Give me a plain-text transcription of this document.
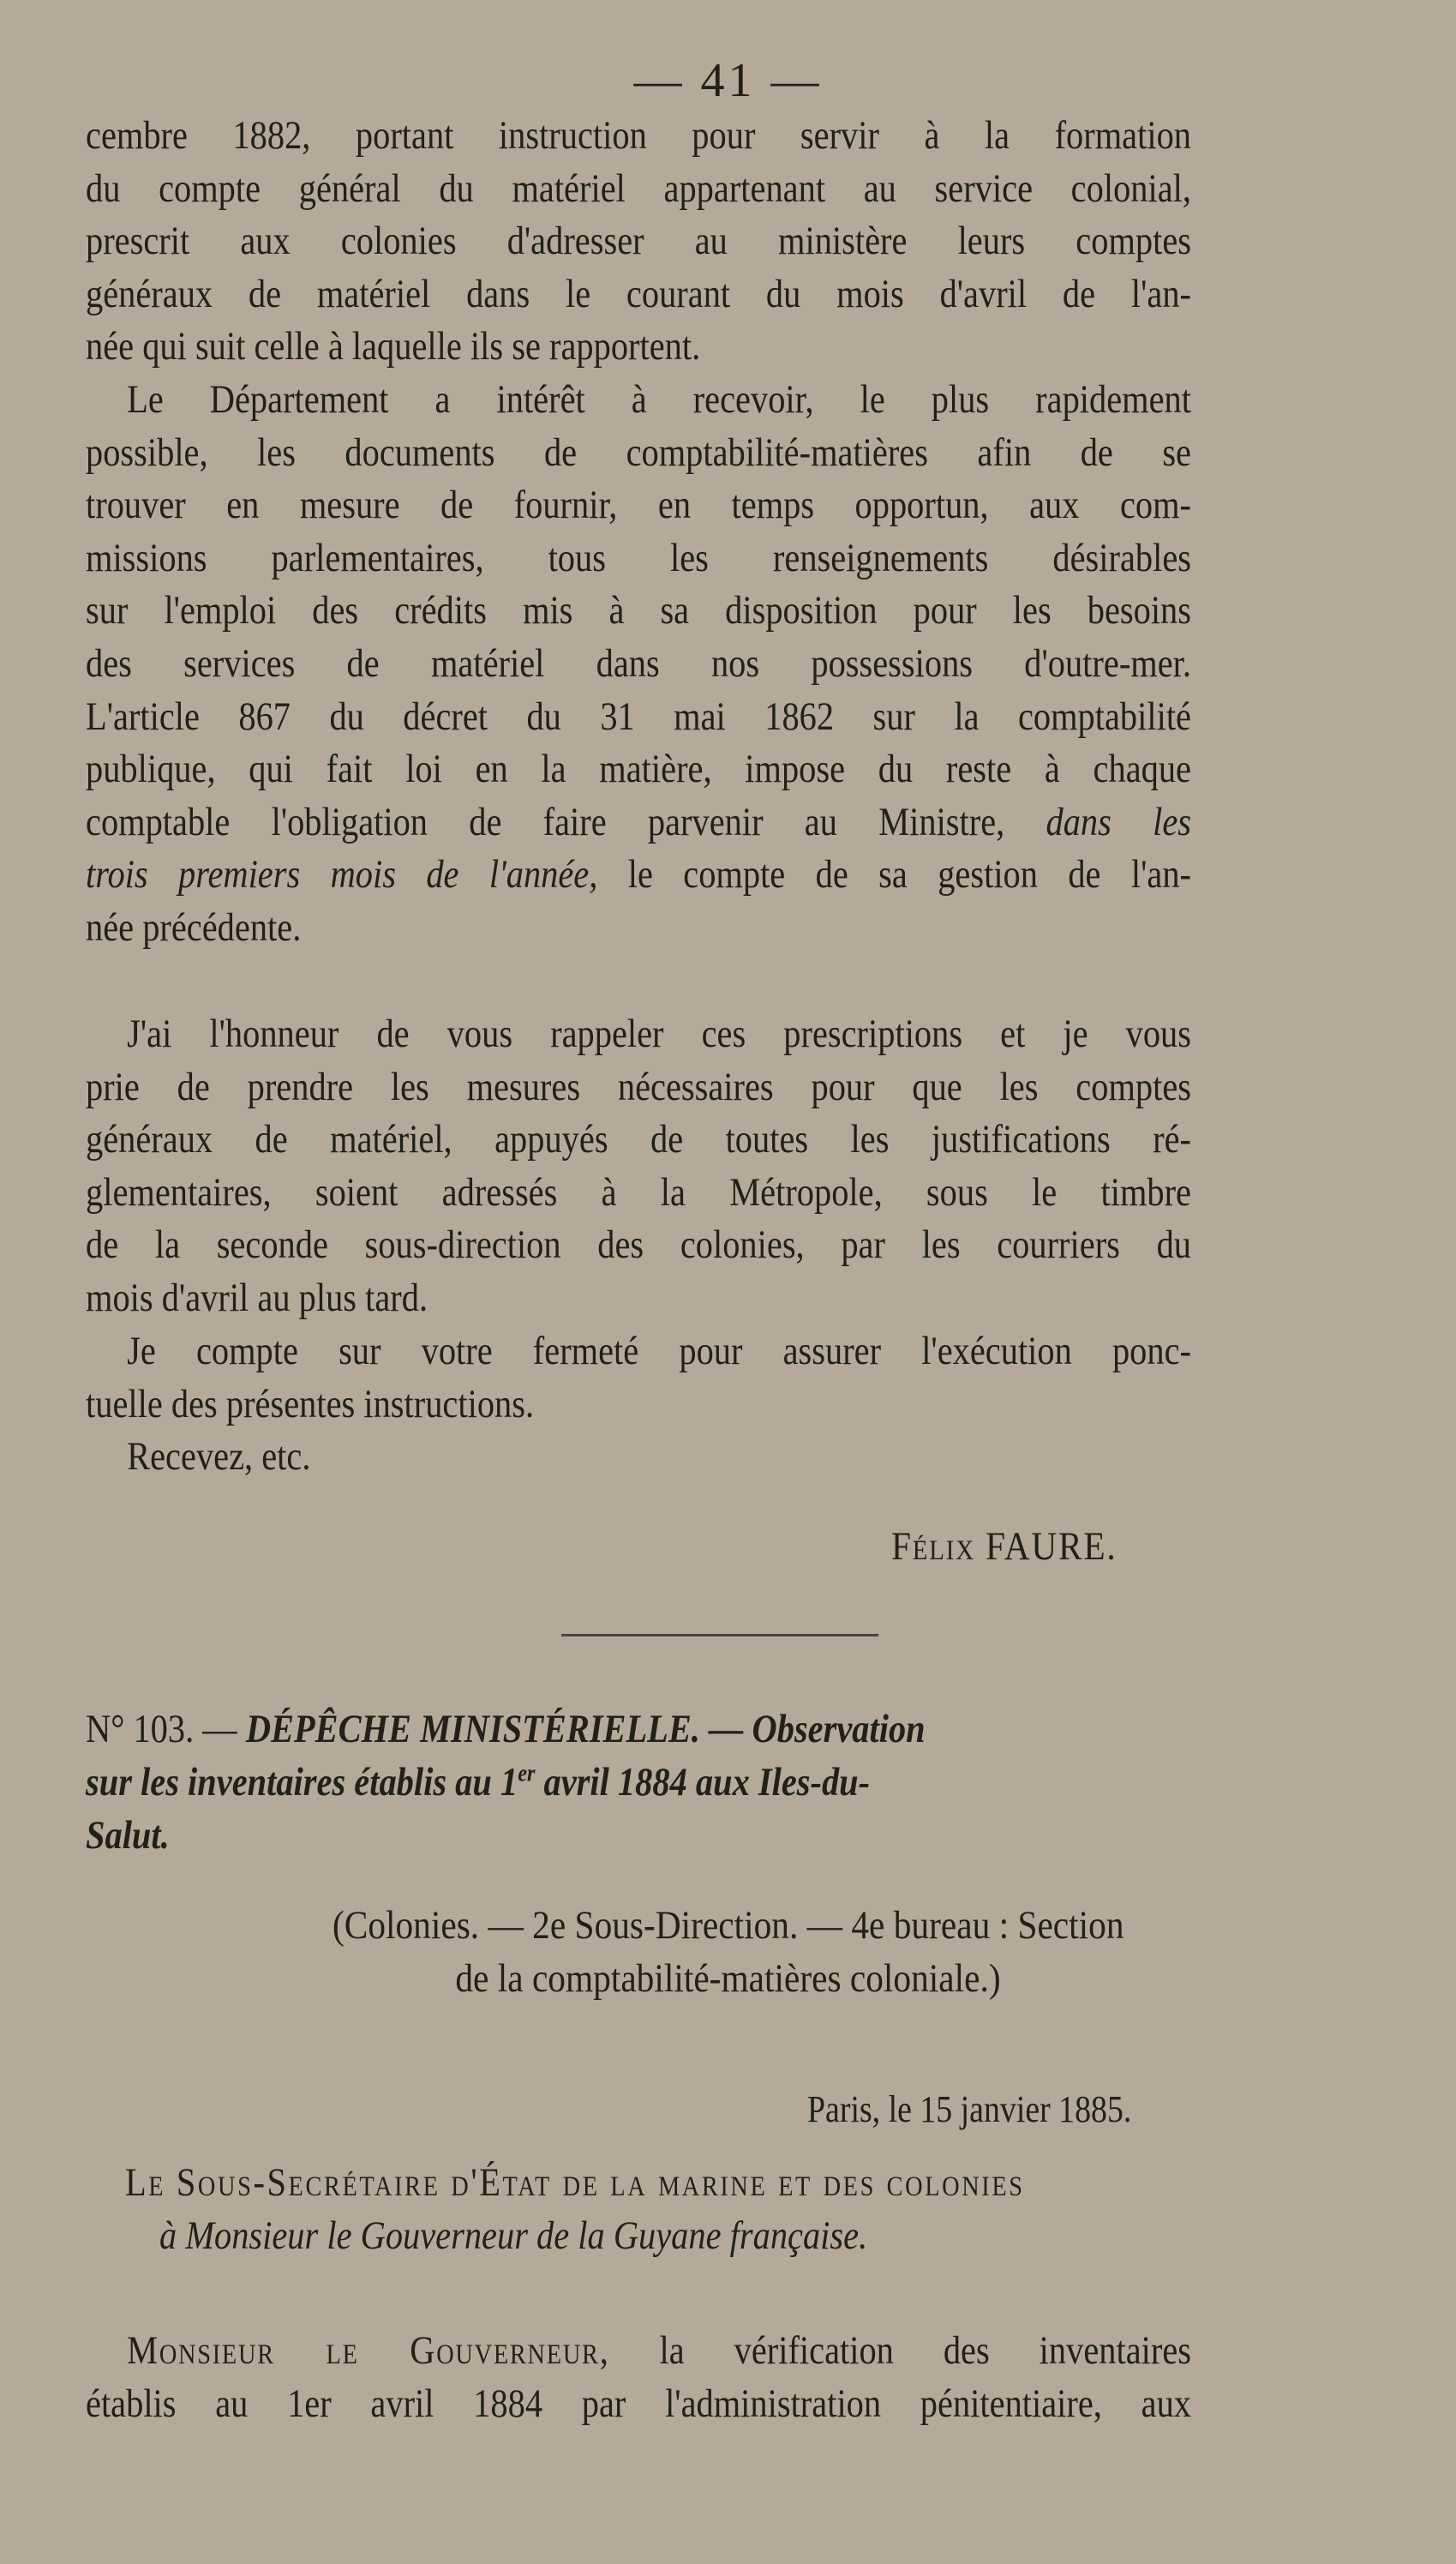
— 41 —

cembre 1882, portant instruction pour servir à la formation

du compte général du matériel appartenant au service colonial,

prescrit aux colonies d'adresser au ministère leurs comptes

généraux de matériel dans le courant du mois d'avril de l'an-

née qui suit celle à laquelle ils se rapportent.

Le Département a intérêt à recevoir, le plus rapidement

possible, les documents de comptabilité-matières afin de se

trouver en mesure de fournir, en temps opportun, aux com-

missions parlementaires, tous les renseignements désirables

sur l'emploi des crédits mis à sa disposition pour les besoins

des services de matériel dans nos possessions d'outre-mer.

L'article 867 du décret du 31 mai 1862 sur la comptabilité

publique, qui fait loi en la matière, impose du reste à chaque

comptable l'obligation de faire parvenir au Ministre, dans les

trois premiers mois de l'année, le compte de sa gestion de l'an-

née précédente.

J'ai l'honneur de vous rappeler ces prescriptions et je vous

prie de prendre les mesures nécessaires pour que les comptes

généraux de matériel, appuyés de toutes les justifications ré-

glementaires, soient adressés à la Métropole, sous le timbre

de la seconde sous-direction des colonies, par les courriers du

mois d'avril au plus tard.

Je compte sur votre fermeté pour assurer l'exécution ponc-

tuelle des présentes instructions.

Recevez, etc.

Félix FAURE.
N° 103. — DÉPÊCHE MINISTÉRIELLE. — Observation
sur les inventaires établis au 1er avril 1884 aux Iles-du-
Salut.
(Colonies. — 2e Sous-Direction. — 4e bureau : Section
de la comptabilité-matières coloniale.)
Paris, le 15 janvier 1885.
Le Sous-Secrétaire d'État de la marine et des colonies
à Monsieur le Gouverneur de la Guyane française.

Monsieur le Gouverneur, la vérification des inventaires

établis au 1er avril 1884 par l'administration pénitentiaire, aux
